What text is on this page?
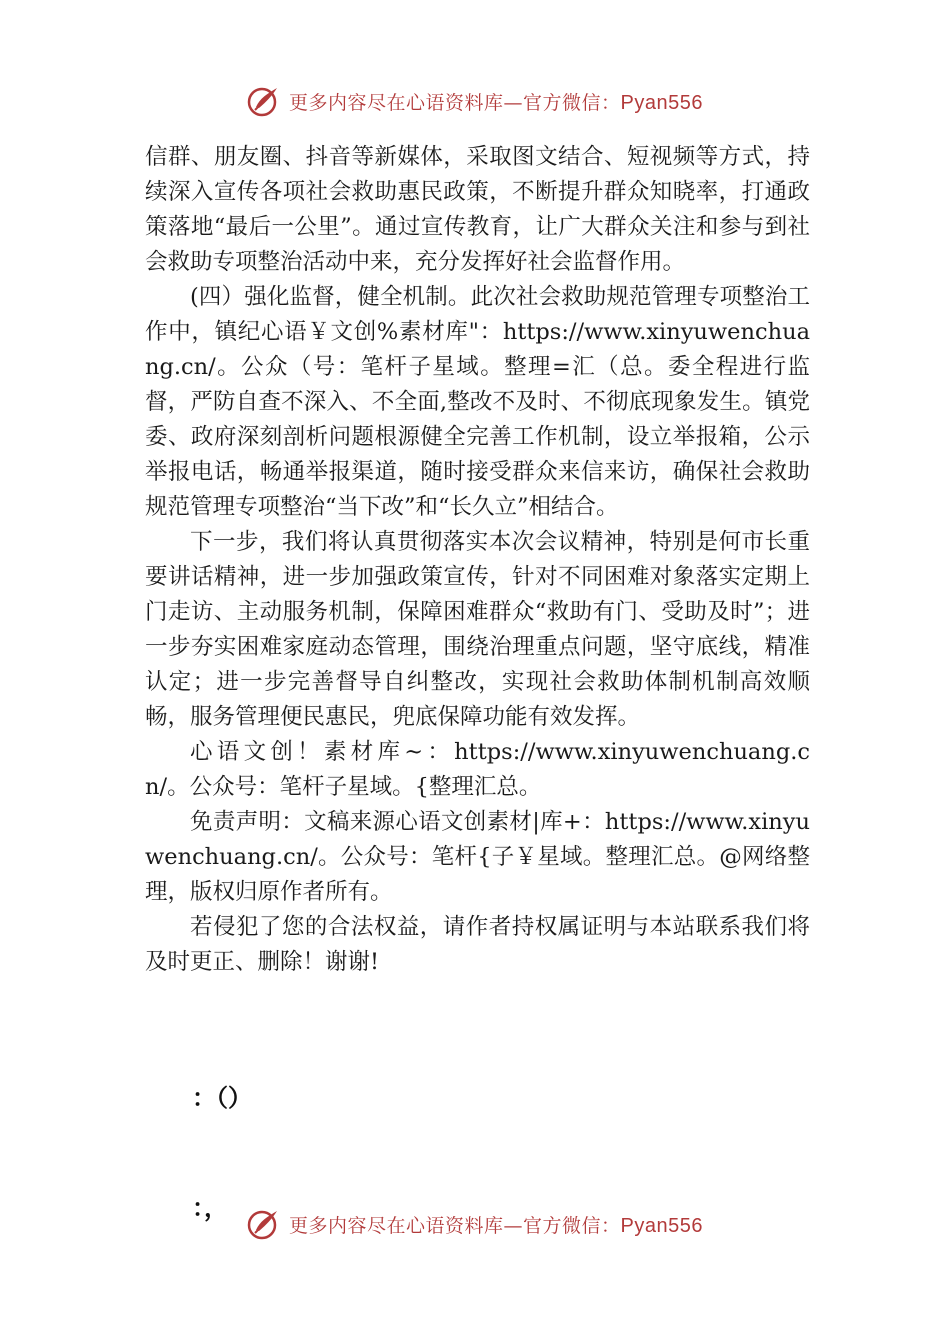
更多内容尽在心语资料库—官方微信：Pyan556

信群、朋友圈、抖音等新媒体，采取图文结合、短视频等方式，持续深入宣传各项社会救助惠民政策，不断提升群众知晓率，打通政策落地“最后一公里”。通过宣传教育，让广大群众关注和参与到社会救助专项整治活动中来，充分发挥好社会监督作用。

(四）强化监督，健全机制。此次社会救助规范管理专项整治工作中，镇纪心语￥文创%素材库"：https://www.xinyuwenchuang.cn/。公众（号：笔杆子星域。整理=汇（总。委全程进行监督，严防自查不深入、不全面,整改不及时、不彻底现象发生。镇党委、政府深刻剖析问题根源健全完善工作机制，设立举报箱，公示举报电话，畅通举报渠道，随时接受群众来信来访，确保社会救助规范管理专项整治“当下改”和“长久立”相结合。

下一步，我们将认真贯彻落实本次会议精神，特别是何市长重要讲话精神，进一步加强政策宣传，针对不同困难对象落实定期上门走访、主动服务机制，保障困难群众“救助有门、受助及时”；进一步夯实困难家庭动态管理，围绕治理重点问题，坚守底线，精准认定；进一步完善督导自纠整改，实现社会救助体制机制高效顺畅，服务管理便民惠民，兜底保障功能有效发挥。

心语文创！素材库~：https://www.xinyuwenchuang.cn/。公众号：笔杆子星域。{整理汇总。

免责声明：文稿来源心语文创素材|库+：https://www.xinyuwenchuang.cn/。公众号：笔杆{子￥星域。整理汇总。@网络整理，版权归原作者所有。

若侵犯了您的合法权益，请作者持权属证明与本站联系我们将及时更正、删除！谢谢!

：（）
：，
更多内容尽在心语资料库—官方微信：Pyan556
